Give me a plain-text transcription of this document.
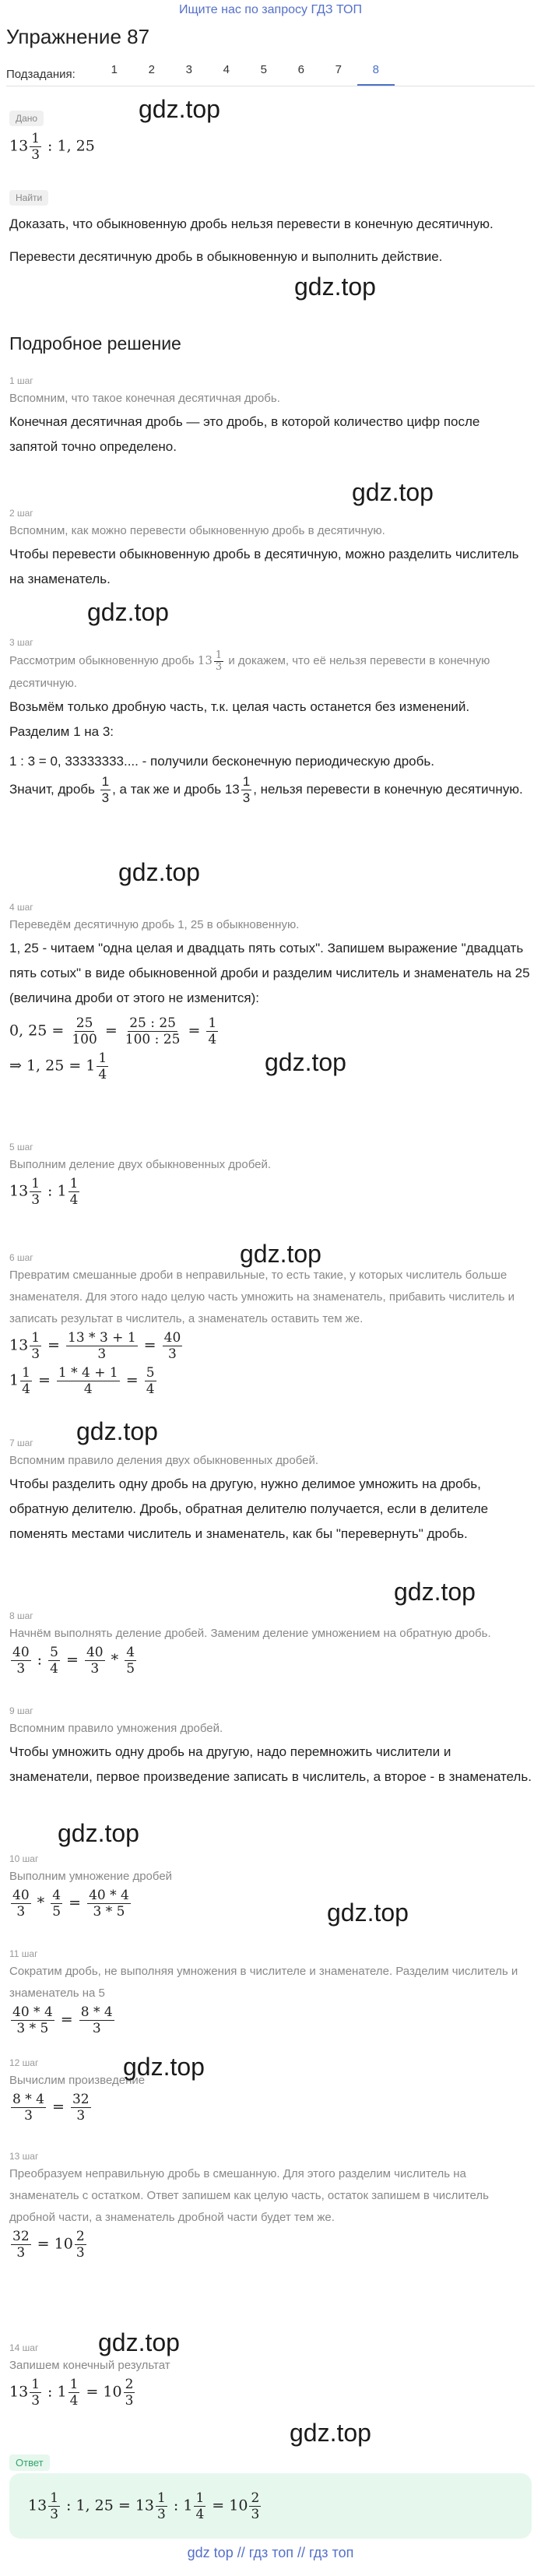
Ищите нас по запросу ГДЗ ТОП
Упражнение 87
Подзадания:	1	2	3	4	5	6	7	8
Дано
$13 \frac{1}{3}$ : 1, 25
gdz.top
Найти
Доказать, что обыкновенную дробь нельзя перевести в конечную десятичную.
Перевести десятичную дробь в обыкновенную и выполнить действие.
gdz.top
Подробное решение
1 шаг
Вспомним, что такое конечная десятичная дробь.
Конечная десятичная дробь — это дробь, в которой количество цифр после запятой точно определено.
gdz.top
2 шаг
Вспомним, как можно перевести обыкновенную дробь в десятичную.
Чтобы перевести обыкновенную дробь в десятичную, можно разделить числитель на знаменатель.
gdz.top
3 шаг
Рассмотрим обыкновенную дробь $13 \frac{1}{3}$ и докажем, что её нельзя перевести в конечную десятичную.
Возьмём только дробную часть, т.к. целая часть останется без изменений.
Разделим 1 на 3:
1 : 3 = 0, 33333333.... - получили бесконечную периодическую дробь.
Значит, дробь $\frac{1}{3}$ , а так же и дробь $13 \frac{1}{3}$ , нельзя перевести в конечную десятичную.
gdz.top
4 шаг
Переведём десятичную дробь 1, 25 в обыкновенную.
1, 25 - читаем "одна целая и двадцать пять сотых". Запишем выражение "двадцать пять сотых" в виде обыкновенной дроби и разделим числитель и знаменатель на 25 (величина дроби от этого не изменится):
0, $25 = \frac{25}{100} = \frac{25 : 25}{100 : 25} = \frac{1}{4}$
⇒ 1, $25 = 1 \frac{1}{4}$	gdz.top
5 шаг
Выполним деление двух обыкновенных дробей.
$13 \frac{1}{3}$ : $1 \frac{1}{4}$
gdz.top
6 шаг
Превратим смешанные дроби в неправильные, то есть такие, у которых числитель больше знаменателя. Для этого надо целую часть умножить на знаменатель, прибавить числитель и записать результат в числитель, а знаменатель оставить тем же.
$13 \frac{1}{3} = \frac{13 * 3 + 1}{3} = \frac{40}{3}$
$1 \frac{1}{4} = \frac{1 * 4 + 1}{4} = \frac{5}{4}$
gdz.top
7 шаг
Вспомним правило деления двух обыкновенных дробей.
Чтобы разделить одну дробь на другую, нужно делимое умножить на дробь, обратную делителю. Дробь, обратная делителю получается, если в делителе поменять местами числитель и знаменатель, как бы "перевернуть" дробь.
gdz.top
8 шаг
Начнём выполнять деление дробей. Заменим деление умножением на обратную дробь.
$\frac{40}{3}$ : $\frac{5}{4} = \frac{40}{3} * \frac{4}{5}$
9 шаг
Вспомним правило умножения дробей.
Чтобы умножить одну дробь на другую, надо перемножить числители и знаменатели, первое произведение записать в числитель, а второе - в знаменатель.
gdz.top
10 шаг
Выполним умножение дробей
$\frac{40}{3} * \frac{4}{5} = \frac{40 * 4}{3 * 5}$	gdz.top
11 шаг
Сократим дробь, не выполняя умножения в числителе и знаменателе. Разделим числитель и знаменатель на 5
$\frac{40 * 4}{3 * 5} = \frac{8 * 4}{3}$
12 шаг
Вычислим произведение
$\frac{8 * 4}{3} = \frac{32}{3}$
gdz.top
13 шаг
Преобразуем неправильную дробь в смешанную. Для этого разделим числитель на знаменатель с остатком. Ответ запишем как целую часть, остаток запишем в числитель дробной части, а знаменатель дробной части будет тем же.
$\frac{32}{3} = 10 \frac{2}{3}$
gdz.top
14 шаг
Запишем конечный результат
$13 \frac{1}{3}$ : $1 \frac{1}{4} = 10 \frac{2}{3}$
gdz.top
Ответ
$13 \frac{1}{3}$ : 1, $25 = 13 \frac{1}{3}$ : $1 \frac{1}{4} = 10 \frac{2}{3}$
gdz top // гдз топ // гдз топ
